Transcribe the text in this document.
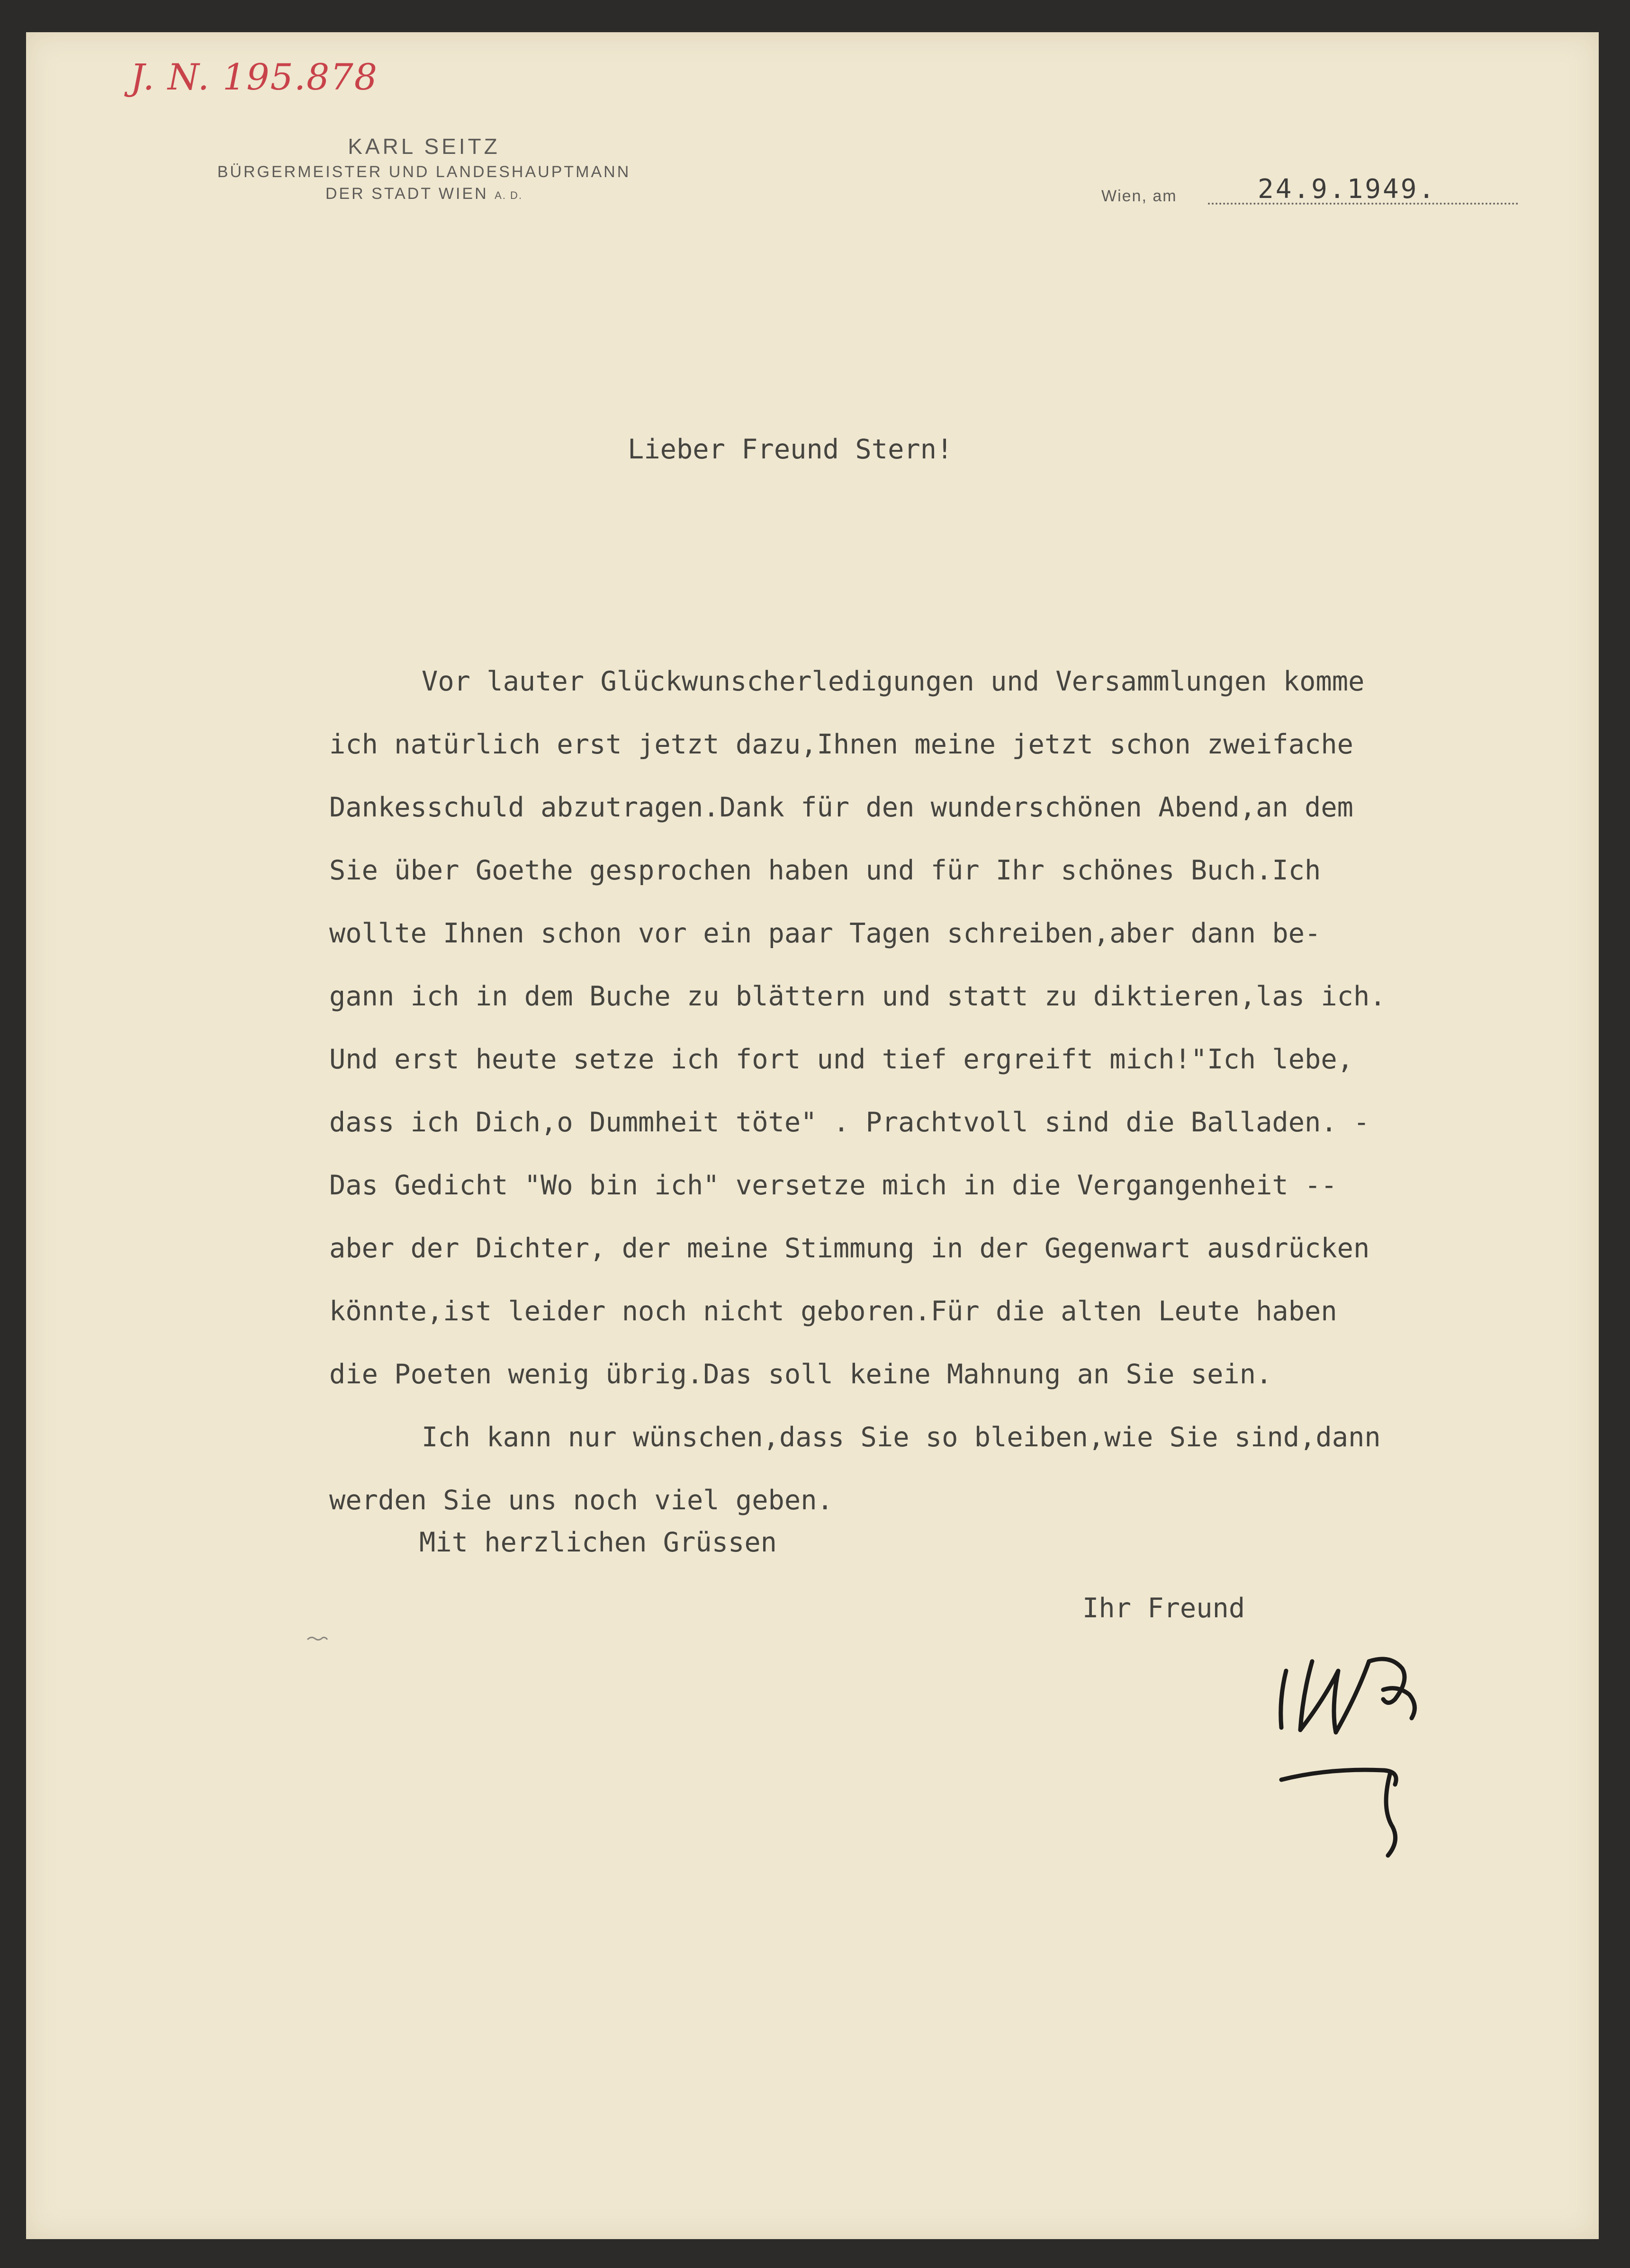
J. N. 195.878
KARL SEITZ
BÜRGERMEISTER UND LANDESHAUPTMANN
DER STADT WIEN A. D.	Wien, am	24.9.1949.
Lieber Freund Stern!
Vor lauter Glückwunscherledigungen und Versammlungen komme
ich natürlich erst jetzt dazu,Ihnen meine jetzt schon zweifache
Dankesschuld abzutragen.Dank für den wunderschönen Abend,an dem
Sie über Goethe gesprochen haben und für Ihr schönes Buch.Ich
wollte Ihnen schon vor ein paar Tagen schreiben,aber dann be-
gann ich in dem Buche zu blättern und statt zu diktieren,las ich.
Und erst heute setze ich fort und tief ergreift mich!"Ich lebe,
dass ich Dich,o Dummheit töte" . Prachtvoll sind die Balladen. -
Das Gedicht "Wo bin ich" versetze mich in die Vergangenheit --
aber der Dichter, der meine Stimmung in der Gegenwart ausdrücken
könnte,ist leider noch nicht geboren.Für die alten Leute haben
die Poeten wenig übrig.Das soll keine Mahnung an Sie sein.
Ich kann nur wünschen,dass Sie so bleiben,wie Sie sind,dann
werden Sie uns noch viel geben.
Mit herzlichen Grüssen
Ihr Freund
